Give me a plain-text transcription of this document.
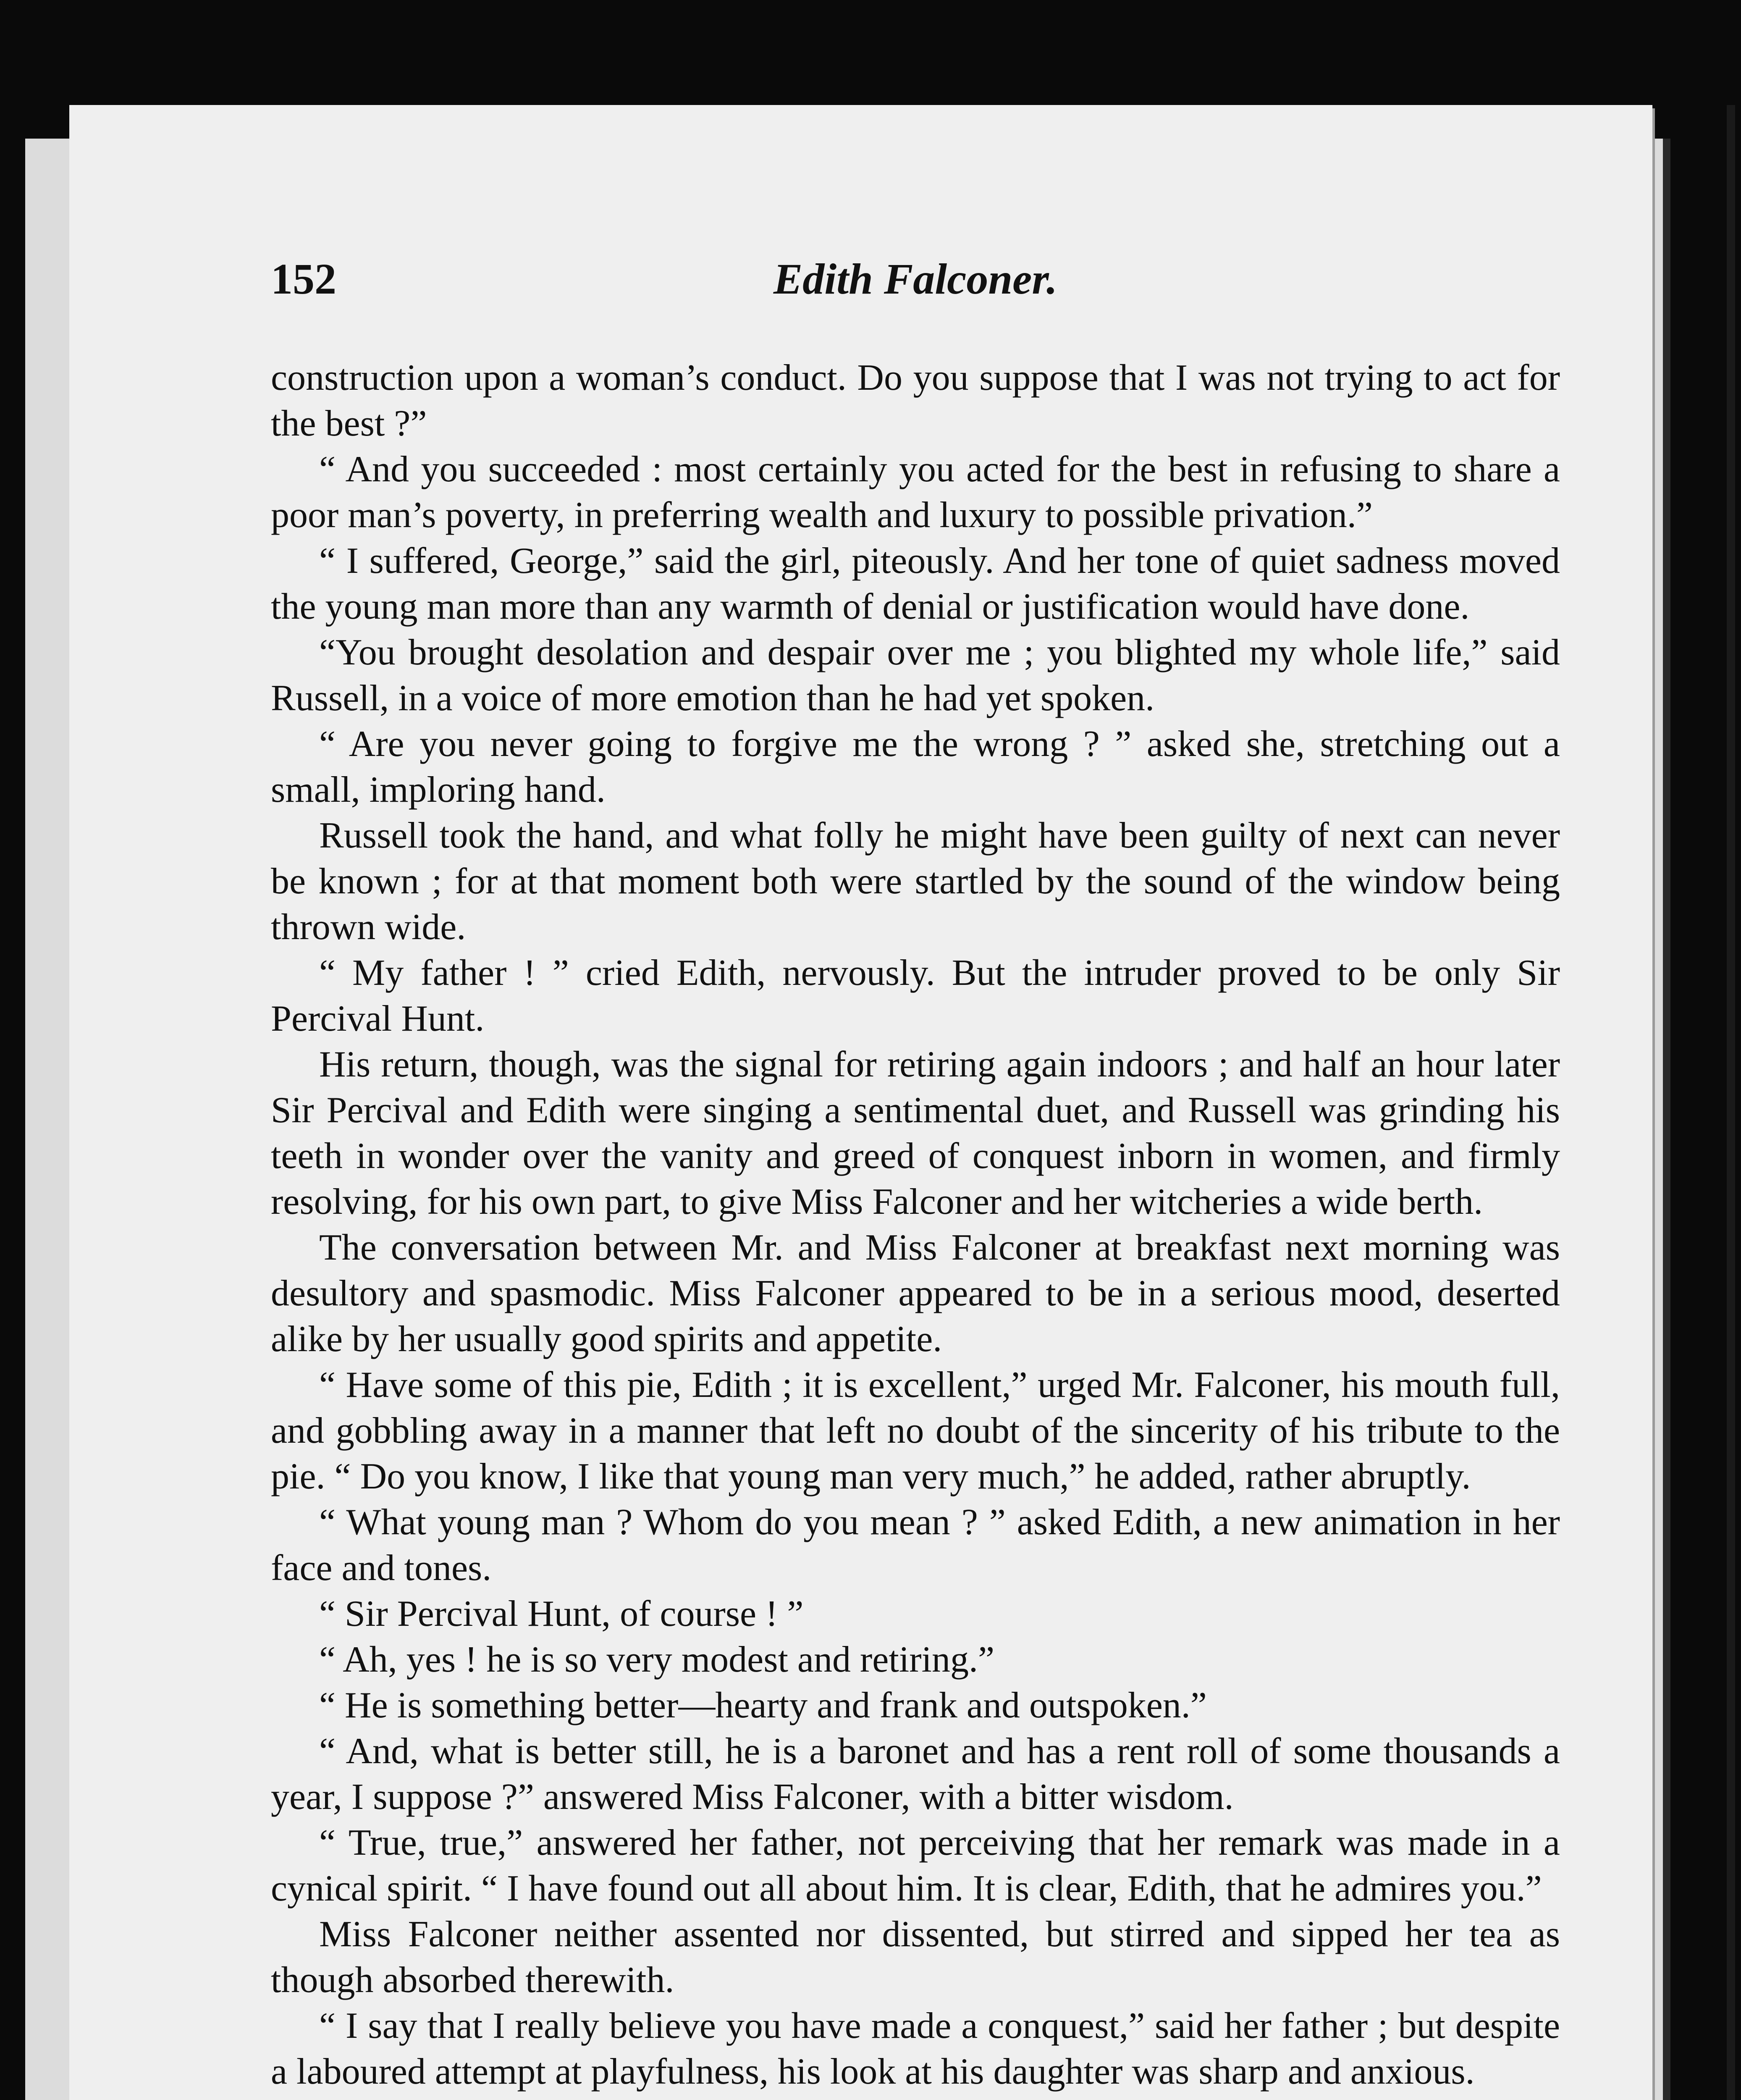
152	Edith Falconer.

construction upon a woman’s conduct. Do you suppose that I was not trying to act for the best ?”

“ And you succeeded : most certainly you acted for the best in refusing to share a poor man’s poverty, in preferring wealth and luxury to possible privation.”

“ I suffered, George,” said the girl, piteously. And her tone of quiet sadness moved the young man more than any warmth of denial or justification would have done.

“You brought desolation and despair over me ; you blighted my whole life,” said Russell, in a voice of more emotion than he had yet spoken.

“ Are you never going to forgive me the wrong ? ” asked she, stretching out a small, imploring hand.

Russell took the hand, and what folly he might have been guilty of next can never be known ; for at that moment both were startled by the sound of the window being thrown wide.

“ My father ! ” cried Edith, nervously. But the intruder proved to be only Sir Percival Hunt.

His return, though, was the signal for retiring again indoors ; and half an hour later Sir Percival and Edith were singing a sentimental duet, and Russell was grinding his teeth in wonder over the vanity and greed of conquest inborn in women, and firmly resolving, for his own part, to give Miss Falconer and her witcheries a wide berth.

The conversation between Mr. and Miss Falconer at breakfast next morning was desultory and spasmodic. Miss Falconer appeared to be in a serious mood, deserted alike by her usually good spirits and appetite.

“ Have some of this pie, Edith ; it is excellent,” urged Mr. Falconer, his mouth full, and gobbling away in a manner that left no doubt of the sincerity of his tribute to the pie. “ Do you know, I like that young man very much,” he added, rather abruptly.

“ What young man ? Whom do you mean ? ” asked Edith, a new animation in her face and tones.

“ Sir Percival Hunt, of course ! ”

“ Ah, yes ! he is so very modest and retiring.”

“ He is something better—hearty and frank and outspoken.”

“ And, what is better still, he is a baronet and has a rent roll of some thousands a year, I suppose ?” answered Miss Falconer, with a bitter wisdom.

“ True, true,” answered her father, not perceiving that her remark was made in a cynical spirit. “ I have found out all about him. It is clear, Edith, that he admires you.”

Miss Falconer neither assented nor dissented, but stirred and sipped her tea as though absorbed therewith.

“ I say that I really believe you have made a conquest,” said her father ; but despite a laboured attempt at playfulness, his look at his daughter was sharp and anxious.
